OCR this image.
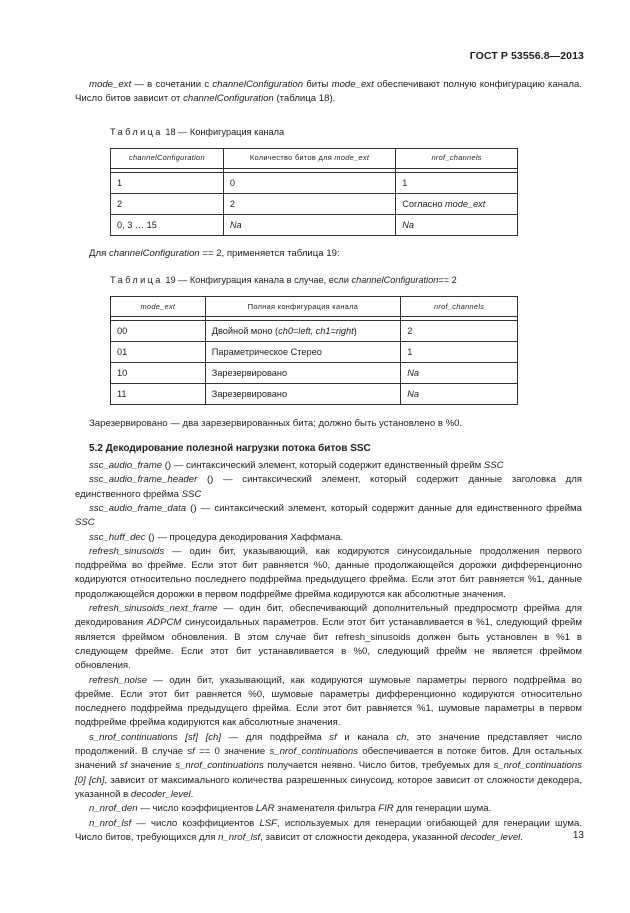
ГОСТ Р 53556.8—2013

mode_ext — в сочетании с channelConfiguration биты mode_ext обеспечивают полную конфигурацию канала. Число битов зависит от channelConfiguration (таблица 18).

Таблица 18 — Конфигурация канала
channelConfiguration	Количество битов для mode_ext	nrof_channels

1	0	1
2	2	Согласно mode_ext
0, 3 … 15	Na	Na

Для channelConfiguration == 2, применяется таблица 19:

Таблица 19 — Конфигурация канала в случае, если channelConfiguration== 2
mode_ext	Полная конфигурация канала	nrof_channels

00	Двойной моно (ch0=left, ch1=right)	2
01	Параметрическое Стерео	1
10	Зарезервировано	Na
11	Зарезервировано	Na

Зарезервировано — два зарезервированных бита; должно быть установлено в %0.

5.2 Декодирование полезной нагрузки потока битов SSC

ssc_audio_frame () — синтаксический элемент, который содержит единственный фрейм SSC

ssc_audio_frame_header () — синтаксический элемент, который содержит данные заголовка для единственного фрейма SSC

ssc_audio_frame_data () — синтаксический элемент, который содержит данные для единственного фрейма SSC

ssc_huff_dec () — процедура декодирования Хаффмана.

refresh_sinusoids — один бит, указывающий, как кодируются синусоидальные продолжения первого подфрейма во фрейме. Если этот бит равняется %0, данные продолжающейся дорожки дифференционно кодируются относительно последнего подфрейма предыдущего фрейма. Если этот бит равняется %1, данные продолжающейся дорожки в первом подфрейме фрейма кодируются как абсолютные значения.

refresh_sinusoids_next_frame — один бит, обеспечивающий дополнительный предпросмотр фрейма для декодирования ADPCM синусоидальных параметров. Если этот бит устанавливается в %1, следующий фрейм является фреймом обновления. В этом случае бит refresh_sinusoids должен быть установлен в %1 в следующем фрейме. Если этот бит устанавливается в %0, следующий фрейм не является фреймом обновления.

refresh_noise — один бит, указывающий, как кодируются шумовые параметры первого подфрейма во фрейме. Если этот бит равняется %0, шумовые параметры дифференционно кодируются относительно последнего подфрейма предыдущего фрейма. Если этот бит равняется %1, шумовые параметры в первом подфрейме фрейма кодируются как абсолютные значения.

s_nrof_continuations [sf] [ch] — для подфрейма sf и канала ch, это значение представляет число продолжений. В случае sf == 0 значение s_nrof_continuations обеспечивается в потоке битов. Для остальных значений sf значение s_nrof_continuations получается неявно. Число битов, требуемых для s_nrof_continuations [0] [ch], зависит от максимального количества разрешенных синусоид, которое зависит от сложности декодера, указанной в decoder_level.

n_nrof_den — число коэффициентов LAR знаменателя фильтра FIR для генерации шума.

n_nrof_lsf — число коэффициентов LSF, используемых для генерации огибающей для генерации шума. Число битов, требующихся для n_nrof_lsf, зависит от сложности декодера, указанной decoder_level.	13
